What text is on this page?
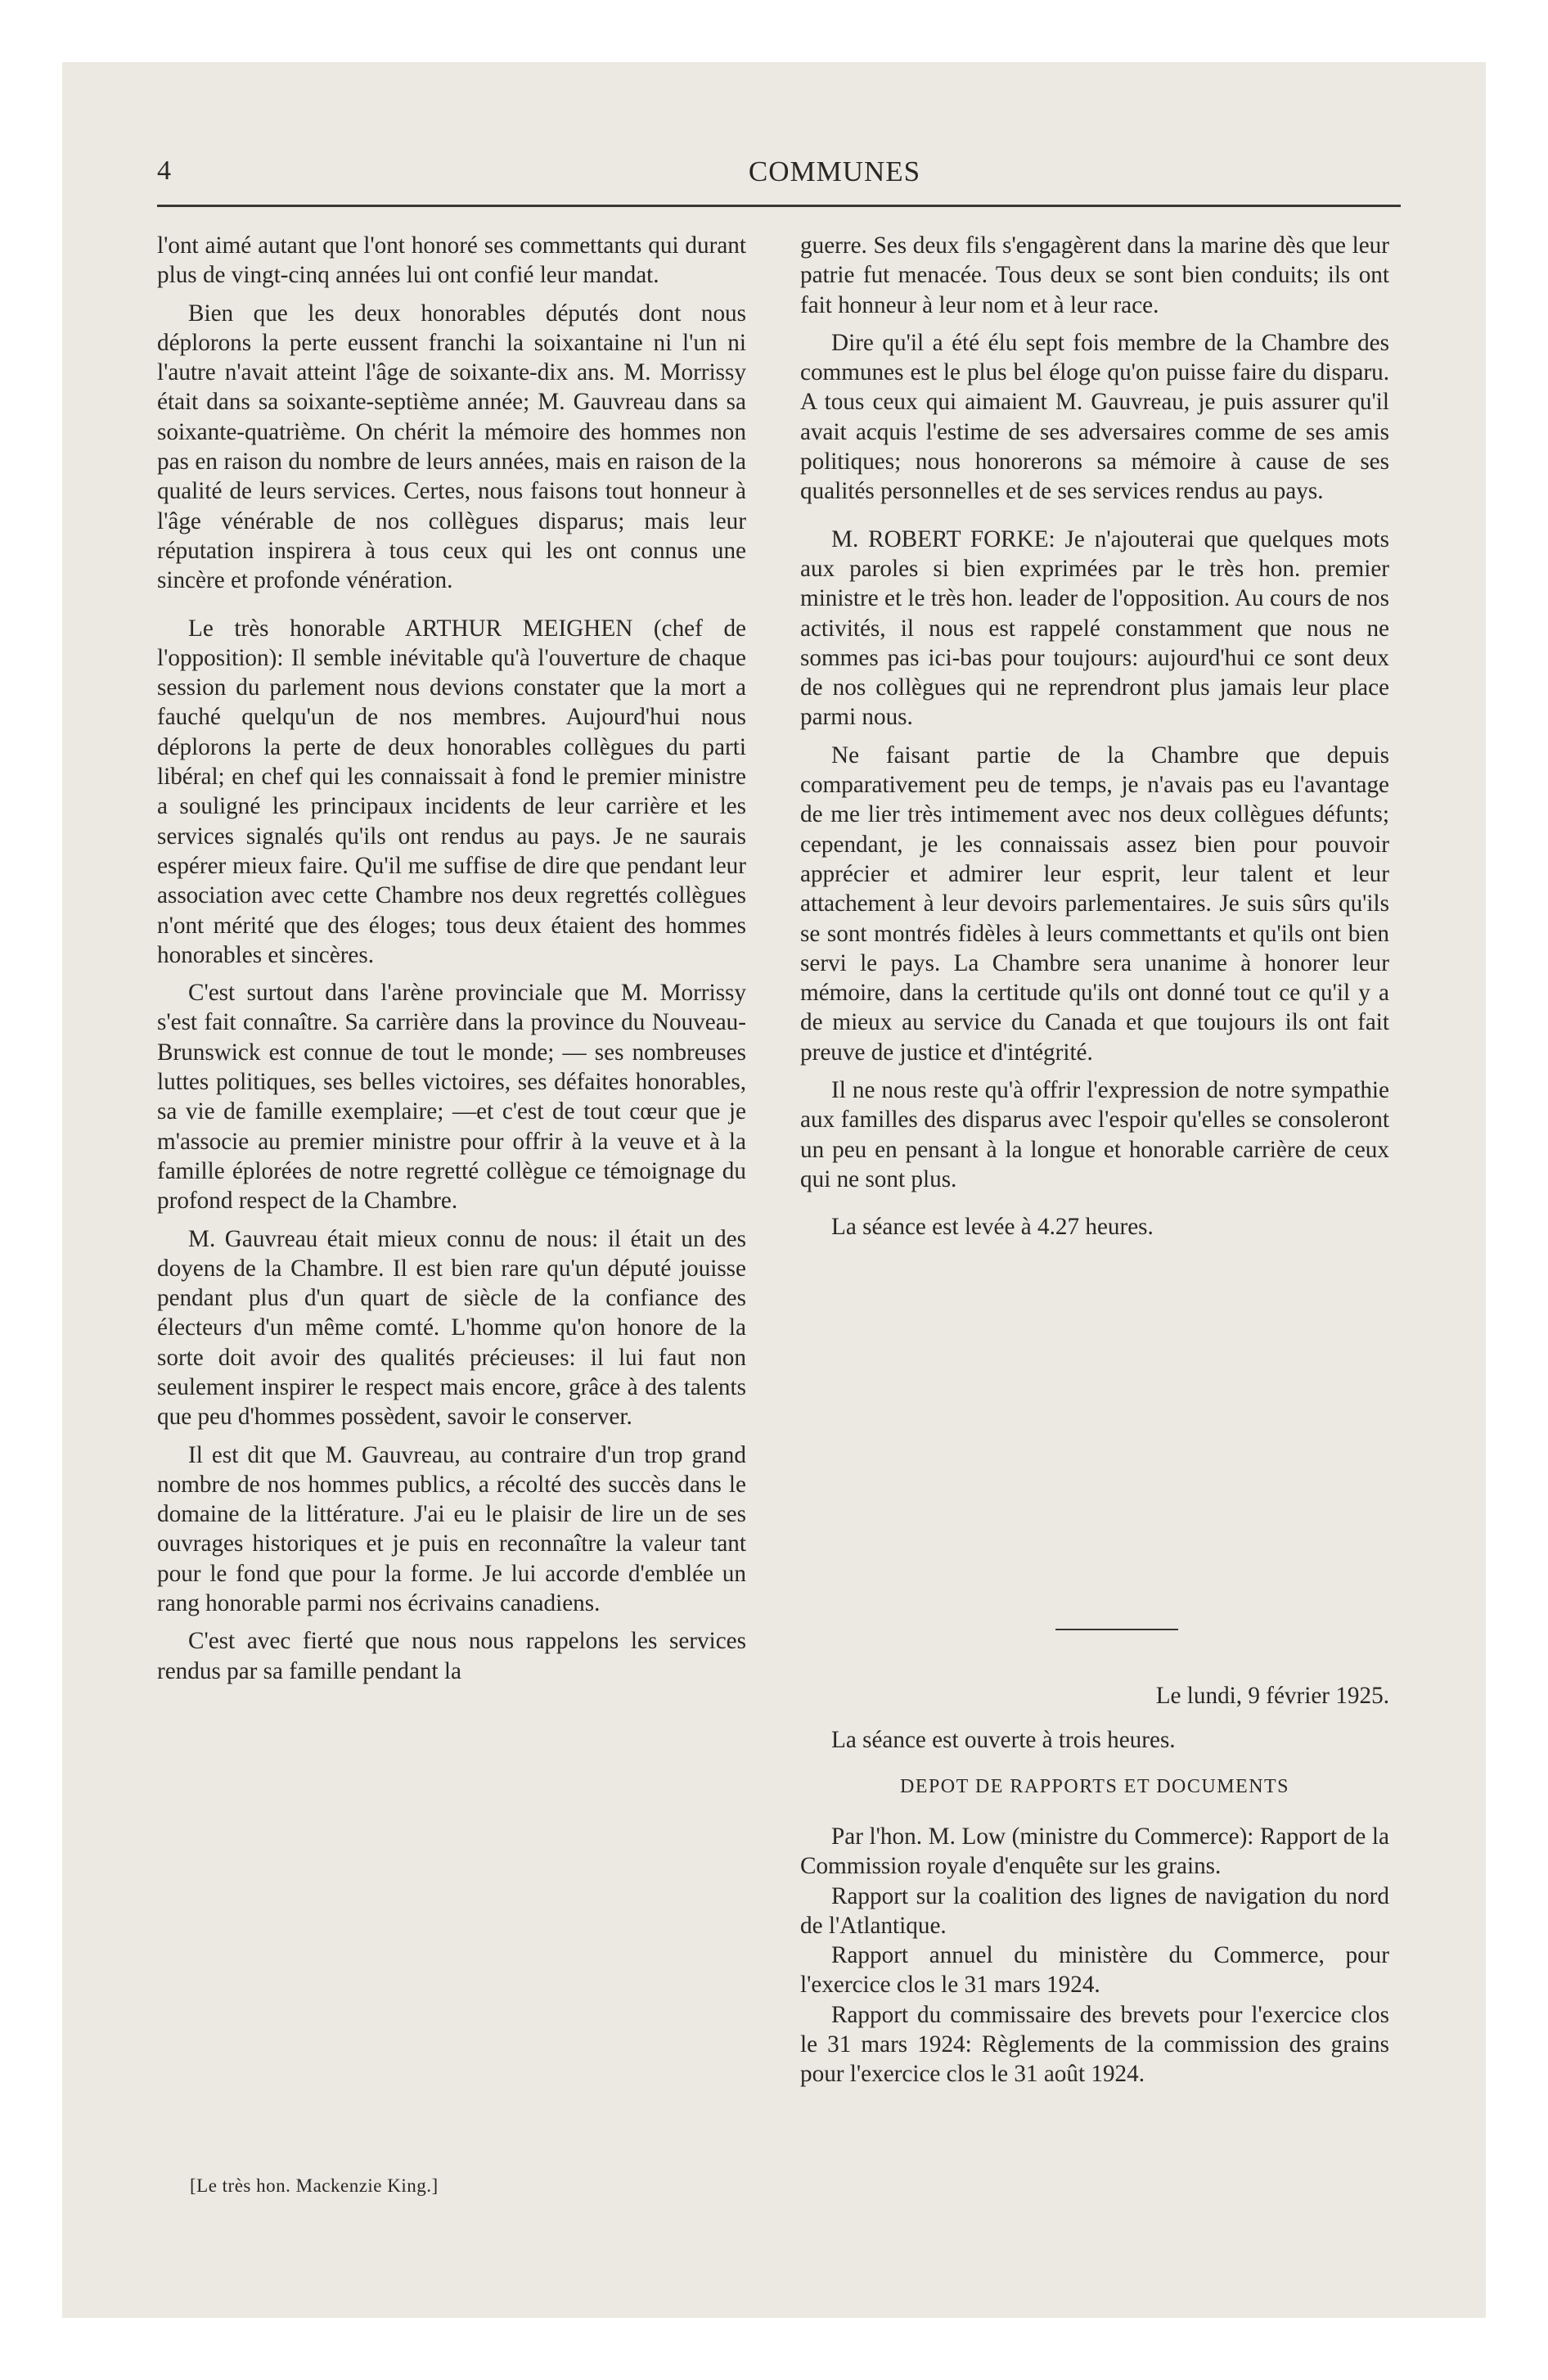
4	COMMUNES

l'ont aimé autant que l'ont honoré ses commettants qui durant plus de vingt-cinq années lui ont confié leur mandat.

Bien que les deux honorables députés dont nous déplorons la perte eussent franchi la soixantaine ni l'un ni l'autre n'avait atteint l'âge de soixante-dix ans. M. Morrissy était dans sa soixante-septième année; M. Gauvreau dans sa soixante-quatrième. On chérit la mémoire des hommes non pas en raison du nombre de leurs années, mais en raison de la qualité de leurs services. Certes, nous faisons tout honneur à l'âge vénérable de nos collègues disparus; mais leur réputation inspirera à tous ceux qui les ont connus une sincère et profonde vénération.

Le très honorable ARTHUR MEIGHEN (chef de l'opposition): Il semble inévitable qu'à l'ouverture de chaque session du parlement nous devions constater que la mort a fauché quelqu'un de nos membres. Aujourd'hui nous déplorons la perte de deux honorables collègues du parti libéral; en chef qui les connaissait à fond le premier ministre a souligné les principaux incidents de leur carrière et les services signalés qu'ils ont rendus au pays. Je ne saurais espérer mieux faire. Qu'il me suffise de dire que pendant leur association avec cette Chambre nos deux regrettés collègues n'ont mérité que des éloges; tous deux étaient des hommes honorables et sincères.

C'est surtout dans l'arène provinciale que M. Morrissy s'est fait connaître. Sa carrière dans la province du Nouveau-Brunswick est connue de tout le monde; — ses nombreuses luttes politiques, ses belles victoires, ses défaites honorables, sa vie de famille exemplaire; —et c'est de tout cœur que je m'associe au premier ministre pour offrir à la veuve et à la famille éplorées de notre regretté collègue ce témoignage du profond respect de la Chambre.

M. Gauvreau était mieux connu de nous: il était un des doyens de la Chambre. Il est bien rare qu'un député jouisse pendant plus d'un quart de siècle de la confiance des électeurs d'un même comté. L'homme qu'on honore de la sorte doit avoir des qualités précieuses: il lui faut non seulement inspirer le respect mais encore, grâce à des talents que peu d'hommes possèdent, savoir le conserver.

Il est dit que M. Gauvreau, au contraire d'un trop grand nombre de nos hommes publics, a récolté des succès dans le domaine de la littérature. J'ai eu le plaisir de lire un de ses ouvrages historiques et je puis en reconnaître la valeur tant pour le fond que pour la forme. Je lui accorde d'emblée un rang honorable parmi nos écrivains canadiens.

C'est avec fierté que nous nous rappelons les services rendus par sa famille pendant la

[Le très hon. Mackenzie King.]

guerre. Ses deux fils s'engagèrent dans la marine dès que leur patrie fut menacée. Tous deux se sont bien conduits; ils ont fait honneur à leur nom et à leur race.

Dire qu'il a été élu sept fois membre de la Chambre des communes est le plus bel éloge qu'on puisse faire du disparu. A tous ceux qui aimaient M. Gauvreau, je puis assurer qu'il avait acquis l'estime de ses adversaires comme de ses amis politiques; nous honorerons sa mémoire à cause de ses qualités personnelles et de ses services rendus au pays.

M. ROBERT FORKE: Je n'ajouterai que quelques mots aux paroles si bien exprimées par le très hon. premier ministre et le très hon. leader de l'opposition. Au cours de nos activités, il nous est rappelé constamment que nous ne sommes pas ici-bas pour toujours: aujourd'hui ce sont deux de nos collègues qui ne reprendront plus jamais leur place parmi nous.

Ne faisant partie de la Chambre que depuis comparativement peu de temps, je n'avais pas eu l'avantage de me lier très intimement avec nos deux collègues défunts; cependant, je les connaissais assez bien pour pouvoir apprécier et admirer leur esprit, leur talent et leur attachement à leur devoirs parlementaires. Je suis sûrs qu'ils se sont montrés fidèles à leurs commettants et qu'ils ont bien servi le pays. La Chambre sera unanime à honorer leur mémoire, dans la certitude qu'ils ont donné tout ce qu'il y a de mieux au service du Canada et que toujours ils ont fait preuve de justice et d'intégrité.

Il ne nous reste qu'à offrir l'expression de notre sympathie aux familles des disparus avec l'espoir qu'elles se consoleront un peu en pensant à la longue et honorable carrière de ceux qui ne sont plus.

La séance est levée à 4.27 heures.

Le lundi, 9 février 1925.
La séance est ouverte à trois heures.
DEPOT DE RAPPORTS ET DOCUMENTS

Par l'hon. M. Low (ministre du Commerce): Rapport de la Commission royale d'enquête sur les grains.

Rapport sur la coalition des lignes de navigation du nord de l'Atlantique.

Rapport annuel du ministère du Commerce, pour l'exercice clos le 31 mars 1924.

Rapport du commissaire des brevets pour l'exercice clos le 31 mars 1924: Règlements de la commission des grains pour l'exercice clos le 31 août 1924.
